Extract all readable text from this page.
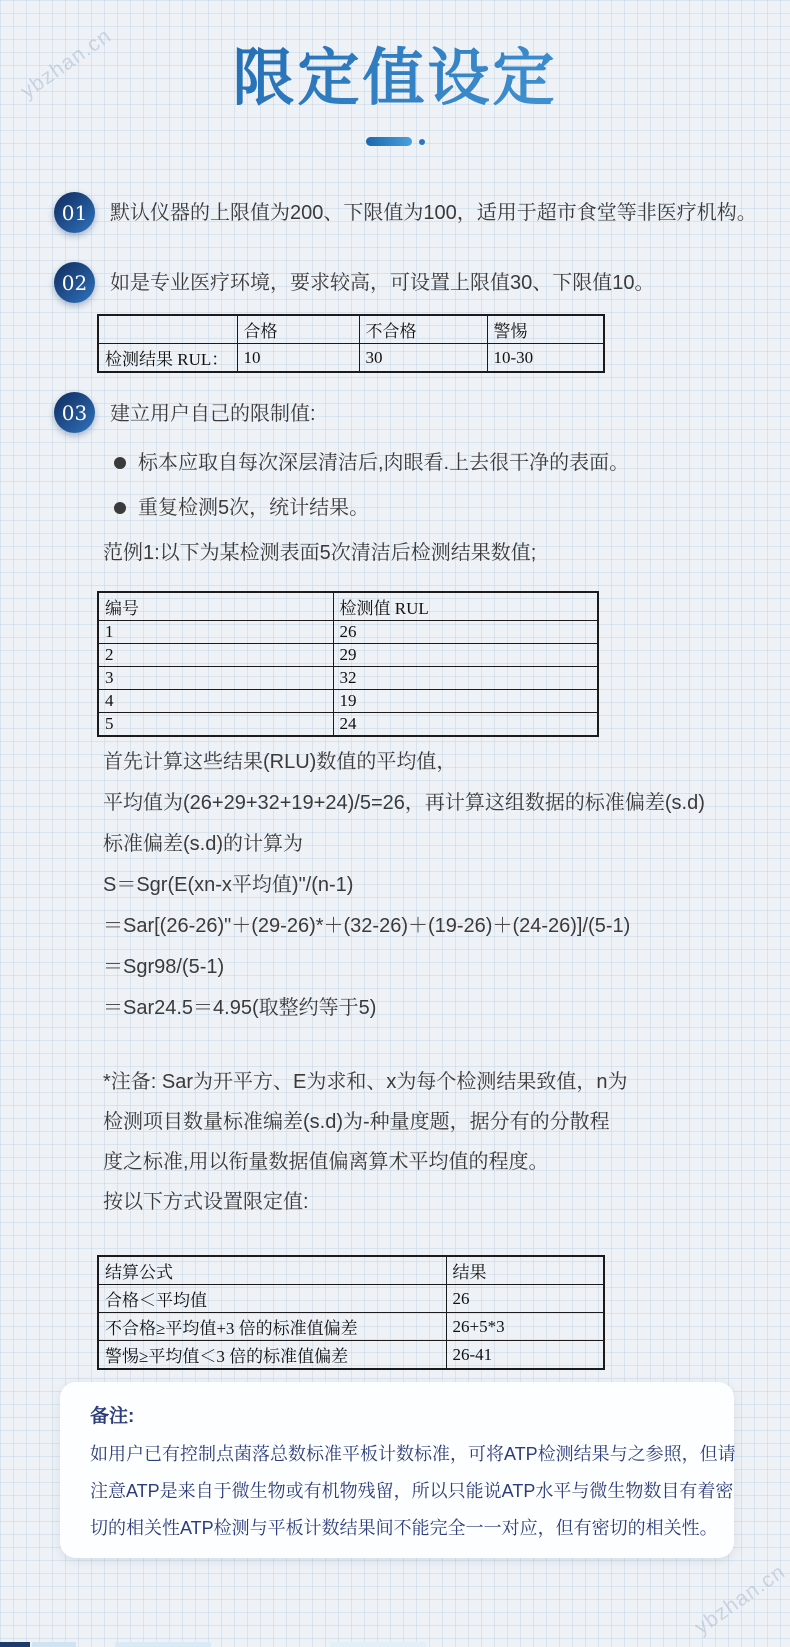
ybzhan.cn
限定值设定
01 默认仪器的上限值为200、下限值为100，适用于超市食堂等非医疗机构。
02 如是专业医疗环境，要求较高，可设置上限值30、下限值10。
	合格	不合格	警惕
检测结果 RUL：	10	30	10-30
03 建立用户自己的限制值:
标本应取自每次深层清洁后,肉眼看.上去很干净的表面。
重复检测5次，统计结果。
范例1:以下为某检测表面5次清洁后检测结果数值;
编号	检测值 RUL
1	26
2	29
3	32
4	19
5	24
首先计算这些结果(RLU)数值的平均值，
平均值为(26+29+32+19+24)/5=26，再计算这组数据的标准偏差(s.d)
标准偏差(s.d)的计算为
S＝Sgr(E(xn-x平均值)"/(n-1)
＝Sar[(26-26)"＋(29-26)*＋(32-26)＋(19-26)＋(24-26)]/(5-1)
＝Sgr98/(5-1)
＝Sar24.5＝4.95(取整约等于5)
*注备: Sar为开平方、E为求和、x为每个检测结果致值，n为
检测项目数量标准编差(s.d)为-种量度题，据分有的分散程
度之标准,用以衔量数据值偏离算术平均值的程度。
按以下方式设置限定值:
结算公式	结果
合格＜平均值	26
不合格≥平均值+3 倍的标准值偏差	26+5*3
警惕≥平均值＜3 倍的标准值偏差	26-41
备注:
如用户已有控制点菌落总数标准平板计数标准，可将ATP检测结果与之参照，但请
注意ATP是来自于微生物或有机物残留，所以只能说ATP水平与微生物数目有着密
切的相关性ATP检测与平板计数结果间不能完全一一对应，但有密切的相关性。
